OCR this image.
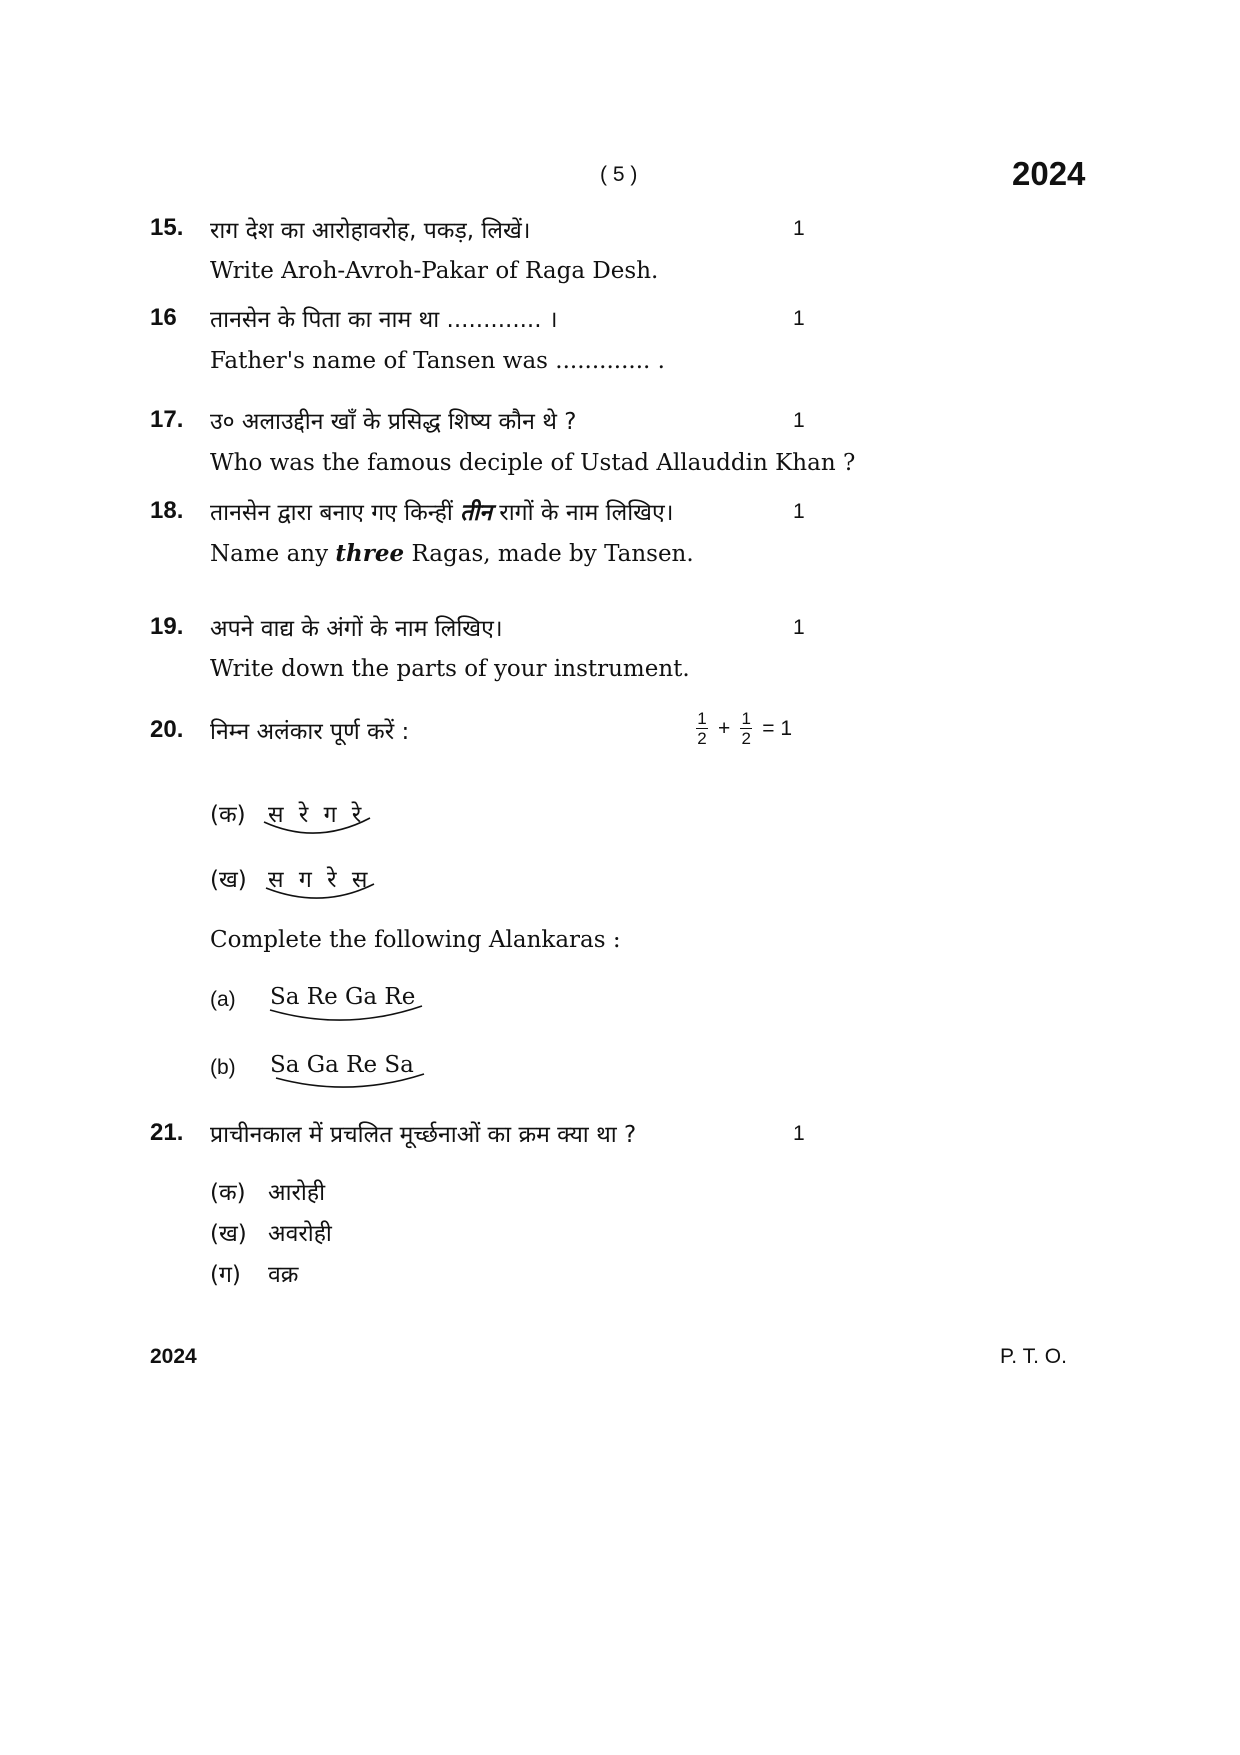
( 5 )	2024
15. राग देश का आरोहावरोह, पकड़, लिखें।	1
Write Aroh-Avroh-Pakar of Raga Desh.
16 तानसेन के पिता का नाम था ............. ।	1
Father's name of Tansen was ............. .
17. उ० अलाउद्दीन खाँ के प्रसिद्ध शिष्य कौन थे ?	1
Who was the famous deciple of Ustad Allauddin Khan ?
18. तानसेन द्वारा बनाए गए किन्हीं तीन रागों के नाम लिखिए।	1
Name any three Ragas, made by Tansen.
19. अपने वाद्य के अंगों के नाम लिखिए।	1
Write down the parts of your instrument.
20. निम्न अलंकार पूर्ण करें :	$\frac{1}{2} + \frac{1}{2} = 1$
(क) स रे ग रे
(ख) स ग रे स
Complete the following Alankaras :
(a) Sa Re Ga Re
(b) Sa Ga Re Sa
21. प्राचीनकाल में प्रचलित मूर्च्छनाओं का क्रम क्या था ?	1
(क) आरोही
(ख) अवरोही
(ग) वक्र
2024	P. T. O.
